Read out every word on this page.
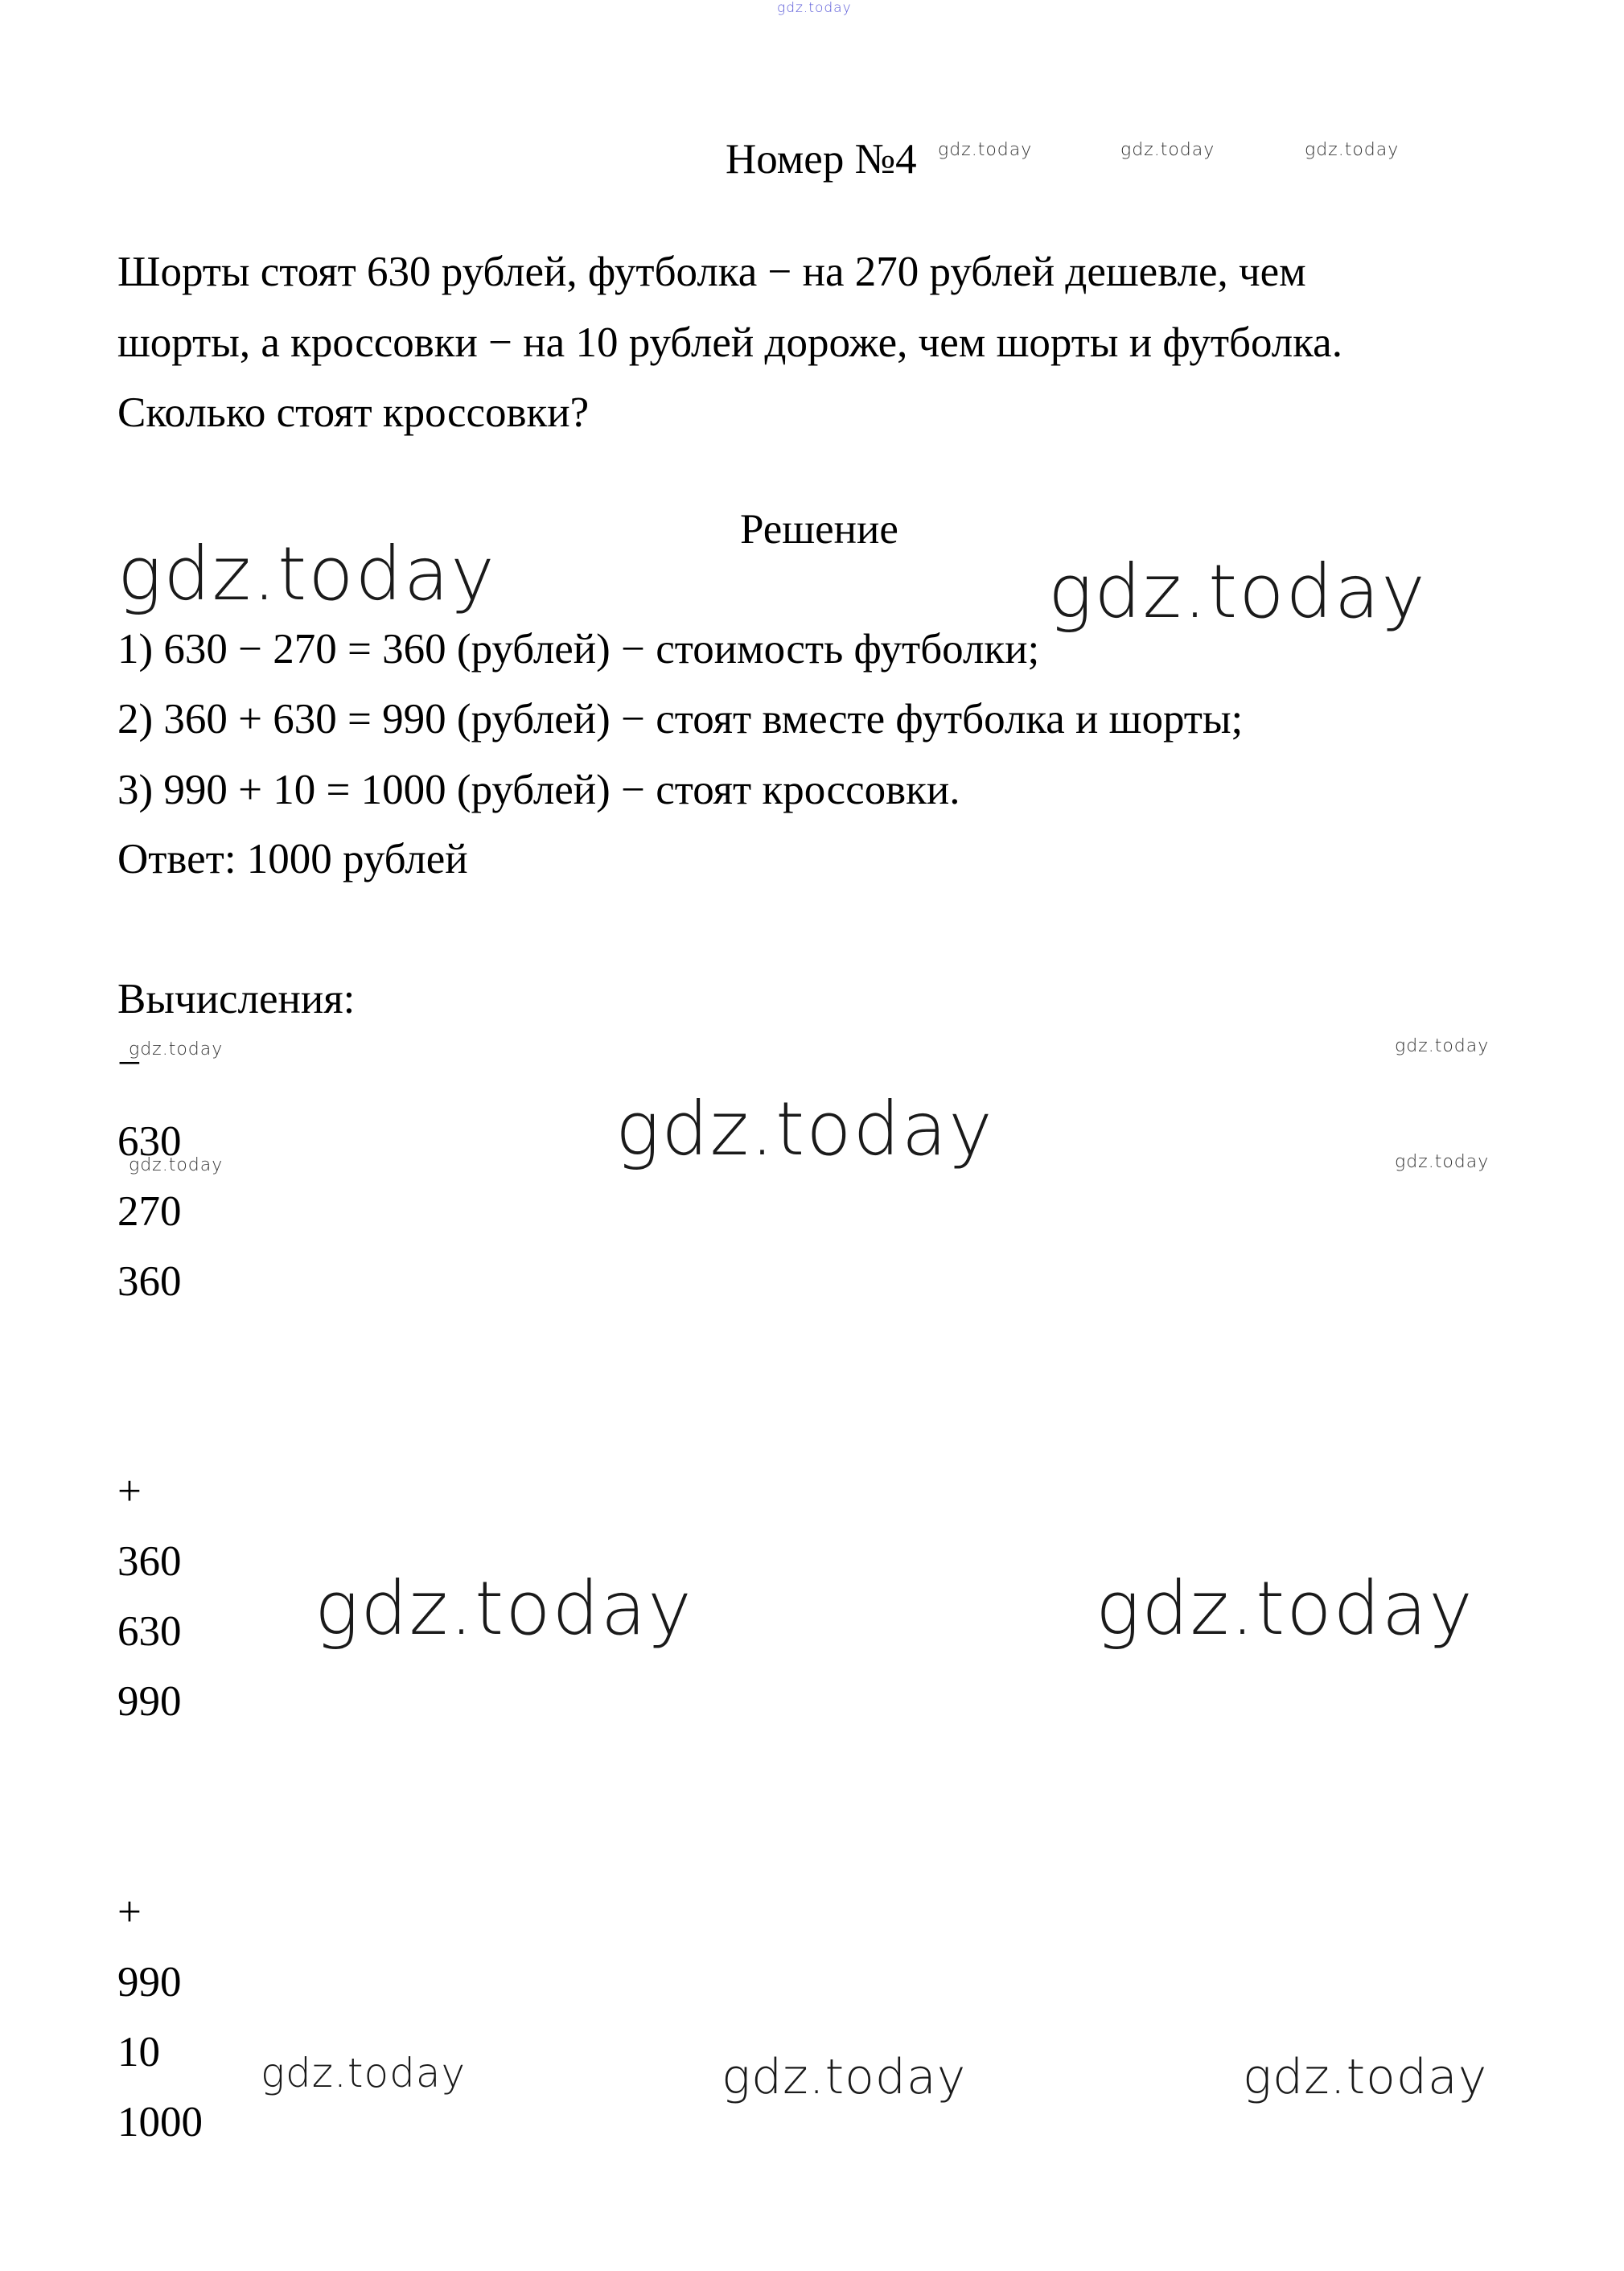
gdz.today
gdz.today	gdz.today	gdz.today
gdz.today	gdz.today
gdz.today	gdz.today
gdz.today	gdz.today
gdz.today
gdz.today	gdz.today
gdz.today	gdz.today	gdz.today
Номер №4
Шорты стоят 630 рублей, футболка − на 270 рублей дешевле, чем
шорты, а кроссовки − на 10 рублей дороже, чем шорты и футболка.
Сколько стоят кроссовки?
Решение
1) 630 − 270 = 360 (рублей) − стоимость футболки;
2) 360 + 630 = 990 (рублей) − стоят вместе футболка и шорты;
3) 990 + 10 = 1000 (рублей) − стоят кроссовки.
Ответ: 1000 рублей
Вычисления:
−
630
270
360
+
360
630
990
+
990
10
1000
